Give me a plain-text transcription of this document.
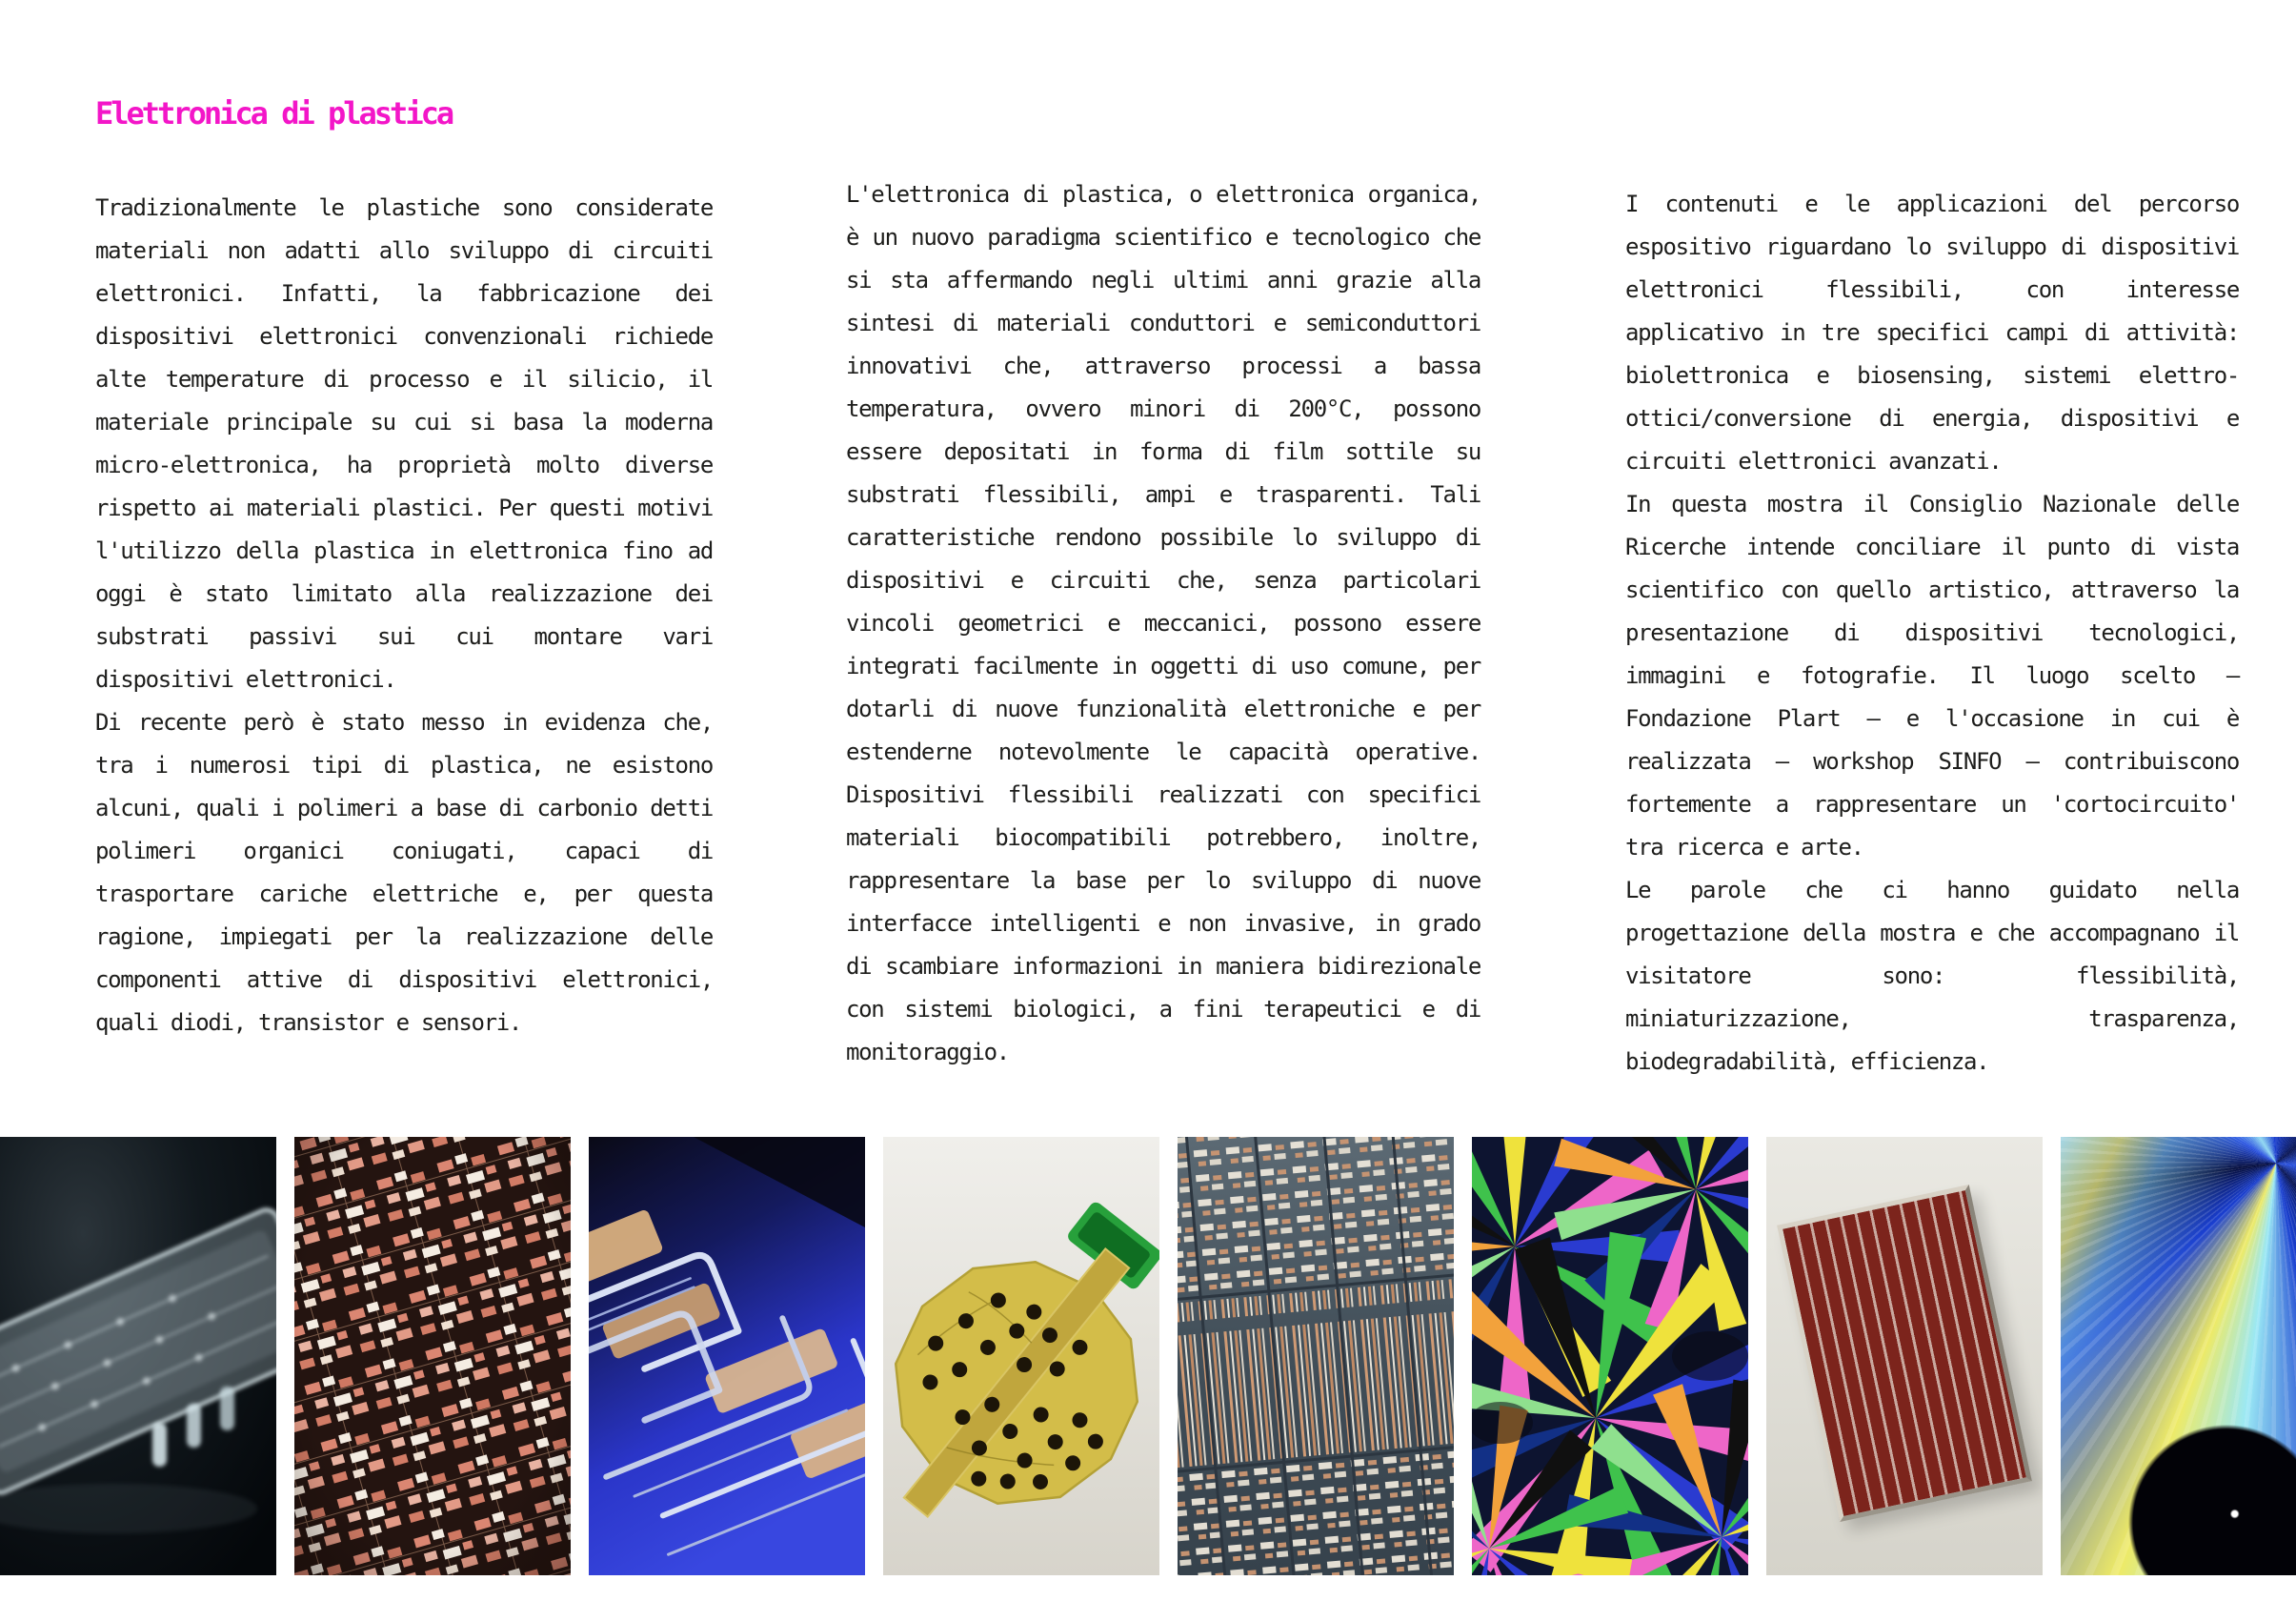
Elettronica di plastica

Tradizionalmente le plastiche sono considerate materiali non adatti allo sviluppo di circuiti elettronici. Infatti, la fabbricazione dei dispositivi elettronici convenzionali richiede alte temperature di processo e il silicio, il materiale principale su cui si basa la moderna micro-elettronica, ha proprietà molto diverse rispetto ai materiali plastici. Per questi motivi l'utilizzo della plastica in elettronica fino ad oggi è stato limitato alla realizzazione dei substrati passivi sui cui montare vari dispositivi elettronici.

Di recente però è stato messo in evidenza che, tra i numerosi tipi di plastica, ne esistono alcuni, quali i polimeri a base di carbonio detti polimeri organici coniugati, capaci di trasportare cariche elettriche e, per questa ragione, impiegati per la realizzazione delle componenti attive di dispositivi elettronici, quali diodi, transistor e sensori.

L'elettronica di plastica, o elettronica organica, è un nuovo paradigma scientifico e tecnologico che si sta affermando negli ultimi anni grazie alla sintesi di materiali conduttori e semiconduttori innovativi che, attraverso processi a bassa temperatura, ovvero minori di 200°C, possono essere depositati in forma di film sottile su substrati flessibili, ampi e trasparenti. Tali caratteristiche rendono possibile lo sviluppo di dispositivi e circuiti che, senza particolari vincoli geometrici e meccanici, possono essere integrati facilmente in oggetti di uso comune, per dotarli di nuove funzionalità elettroniche e per estenderne notevolmente le capacità operative. Dispositivi flessibili realizzati con specifici materiali biocompatibili potrebbero, inoltre, rappresentare la base per lo sviluppo di nuove interfacce intelligenti e non invasive, in grado di scambiare informazioni in maniera bidirezionale con sistemi biologici, a fini terapeutici e di monitoraggio.

I contenuti e le applicazioni del percorso espositivo riguardano lo sviluppo di dispositivi elettronici flessibili, con interesse applicativo in tre specifici campi di attività: biolettronica e biosensing, sistemi elettro-ottici/conversione di energia, dispositivi e circuiti elettronici avanzati.

In questa mostra il Consiglio Nazionale delle Ricerche intende conciliare il punto di vista scientifico con quello artistico, attraverso la presentazione di dispositivi tecnologici, immagini e fotografie. Il luogo scelto – Fondazione Plart – e l'occasione in cui è realizzata – workshop SINFO – contribuiscono fortemente a rappresentare un 'cortocircuito' tra ricerca e arte.

Le parole che ci hanno guidato nella progettazione della mostra e che accompagnano il visitatore sono: flessibilità, miniaturizzazione, trasparenza, biodegradabilità, efficienza.
